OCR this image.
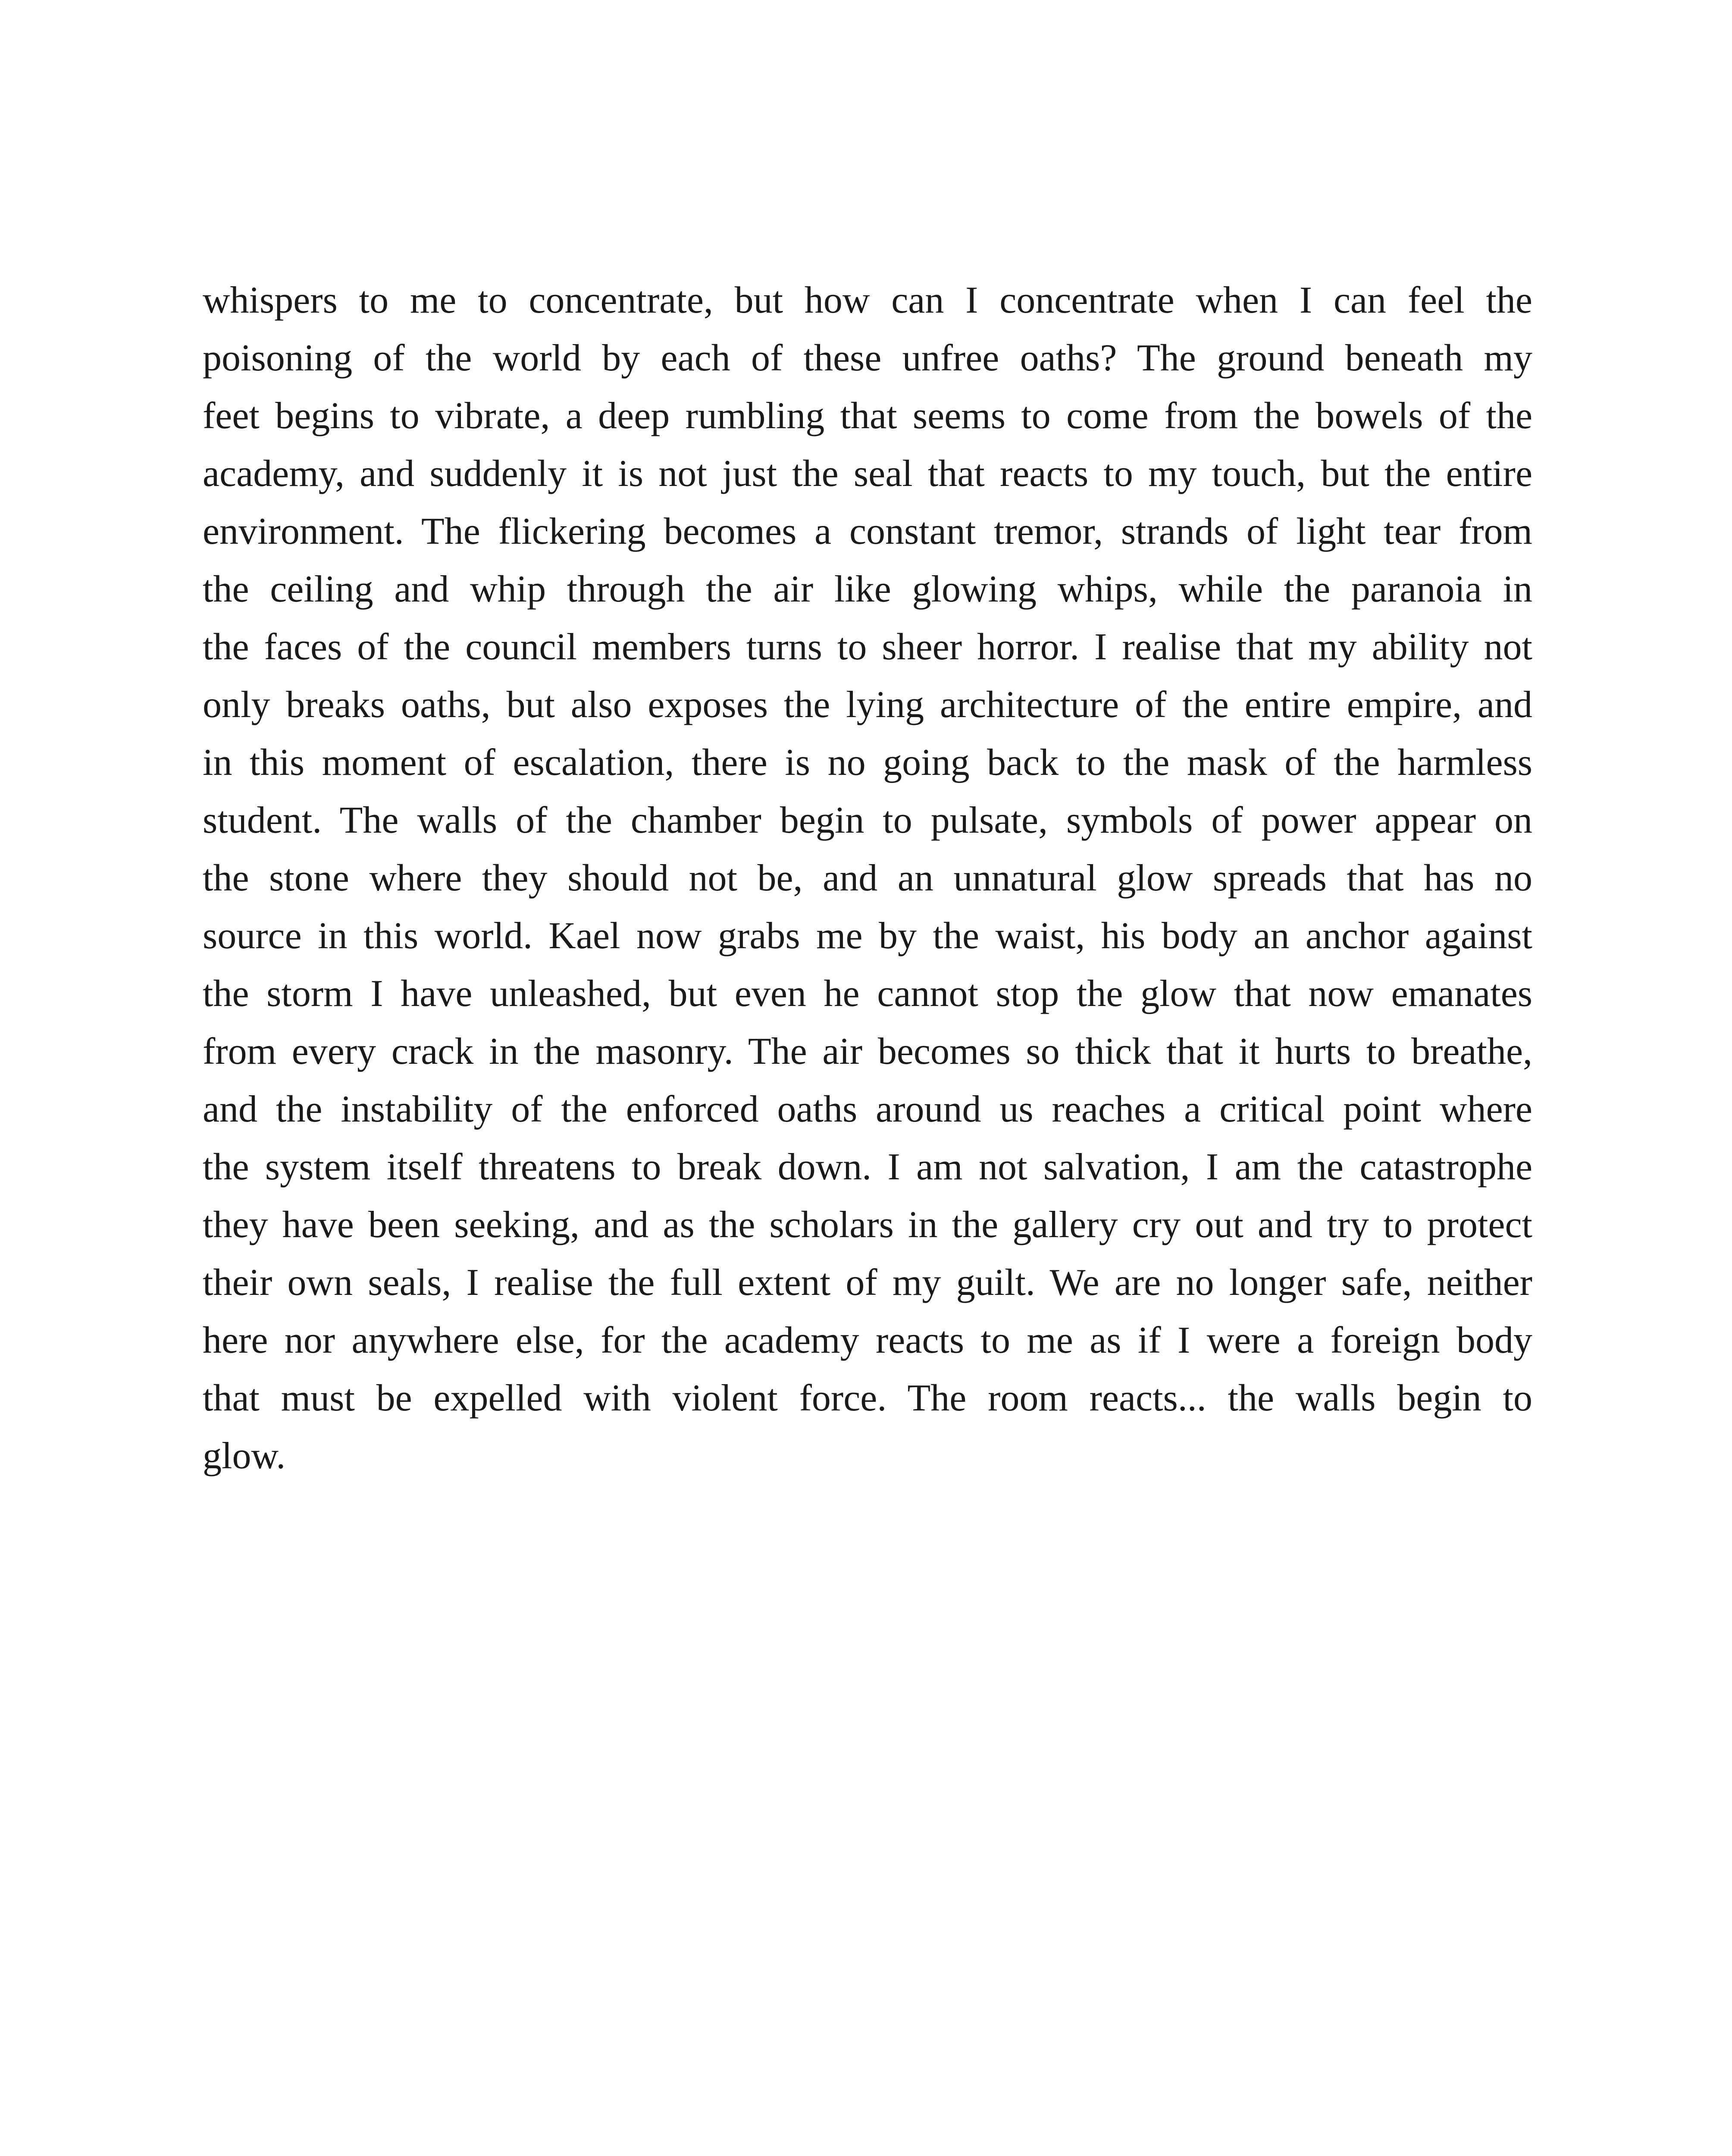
whispers to me to concentrate, but how can I concentrate when I can feel the
poisoning of the world by each of these unfree oaths? The ground beneath my
feet begins to vibrate, a deep rumbling that seems to come from the bowels of the
academy, and suddenly it is not just the seal that reacts to my touch, but the entire
environment. The flickering becomes a constant tremor, strands of light tear from
the ceiling and whip through the air like glowing whips, while the paranoia in
the faces of the council members turns to sheer horror. I realise that my ability not
only breaks oaths, but also exposes the lying architecture of the entire empire, and
in this moment of escalation, there is no going back to the mask of the harmless
student. The walls of the chamber begin to pulsate, symbols of power appear on
the stone where they should not be, and an unnatural glow spreads that has no
source in this world. Kael now grabs me by the waist, his body an anchor against
the storm I have unleashed, but even he cannot stop the glow that now emanates
from every crack in the masonry. The air becomes so thick that it hurts to breathe,
and the instability of the enforced oaths around us reaches a critical point where
the system itself threatens to break down. I am not salvation, I am the catastrophe
they have been seeking, and as the scholars in the gallery cry out and try to protect
their own seals, I realise the full extent of my guilt. We are no longer safe, neither
here nor anywhere else, for the academy reacts to me as if I were a foreign body
that must be expelled with violent force. The room reacts... the walls begin to
glow.
